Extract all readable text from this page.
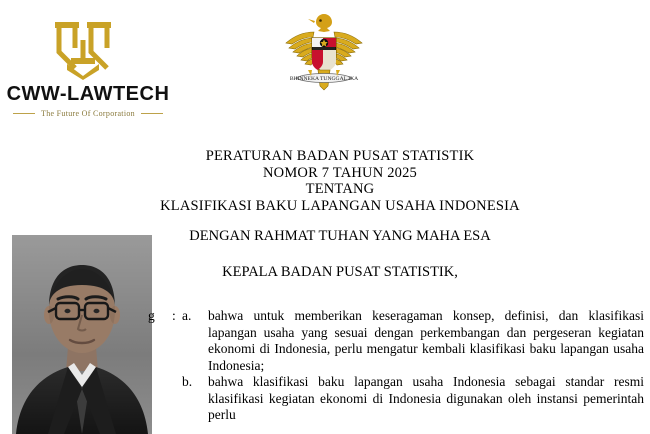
CWW-LAWTECH
The Future Of Corporation
BHINNEKA TUNGGAL IKA
PERATURAN BADAN PUSAT STATISTIK
NOMOR 7 TAHUN 2025
TENTANG
KLASIFIKASI BAKU LAPANGAN USAHA INDONESIA
DENGAN RAHMAT TUHAN YANG MAHA ESA
KEPALA BADAN PUSAT STATISTIK,
g	: a.	bahwa untuk memberikan keseragaman konsep, definisi, dan klasifikasi lapangan usaha yang sesuai dengan perkembangan dan pergeseran kegiatan ekonomi di Indonesia, perlu mengatur kembali klasifikasi baku lapangan usaha Indonesia;
b.	bahwa klasifikasi baku lapangan usaha Indonesia sebagai standar resmi klasifikasi kegiatan ekonomi di Indonesia digunakan oleh instansi pemerintah perlu
